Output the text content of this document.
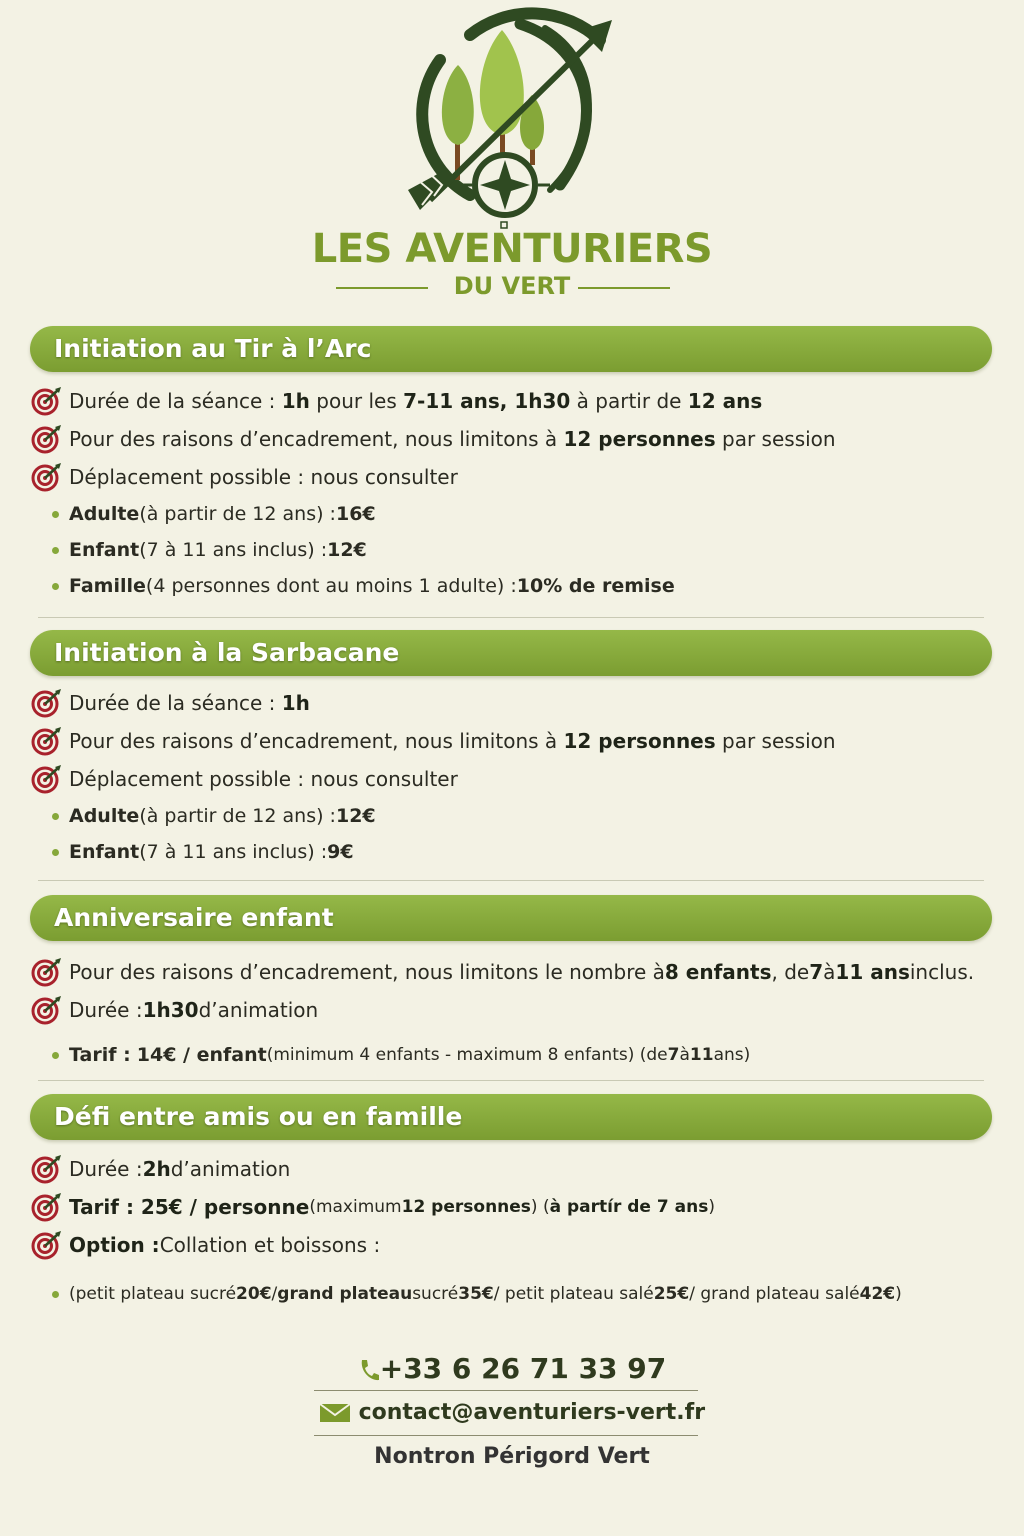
LES AVENTURIERS
DU VERT
Initiation au Tir à l’Arc
Durée de la séance :
1h
pour les
7-11 ans, 1h30
à partir de
12 ans
Pour des raisons d’encadrement, nous limitons à
12 personnes
par session
Déplacement possible : nous consulter
Adulte (à partir de 12 ans) : 16€
Enfant (7 à 11 ans inclus) : 12€
Famille (4 personnes dont au moins 1 adulte) : 10% de remise
Initiation à la Sarbacane
Durée de la séance :
1h
Pour des raisons d’encadrement, nous limitons à
12 personnes
par session
Déplacement possible : nous consulter
Adulte (à partir de 12 ans) : 12€
Enfant (7 à 11 ans inclus) : 9€
Anniversaire enfant
Pour des raisons d’encadrement, nous limitons le nombre à 8 enfants , de 7 à 11 ans inclus.
Durée : 1h30 d’animation
Tarif :
14€ / enfant (minimum 4 enfants - maximum 8 enfants) (de 7 à 11 ans)
Défi entre amis ou en famille
Durée : 2h d’animation
Tarif : 25€ / personne (maximum 12 personnes ) ( à partír de 7 ans )
Option : Collation et boissons :
(petit plateau sucré 20€ / grand plateau sucré 35€ / petit plateau salé 25€ / grand plateau salé 42€ )
+33 6 26 71 33 97
contact@aventuriers-vert.fr
Nontron Périgord Vert
